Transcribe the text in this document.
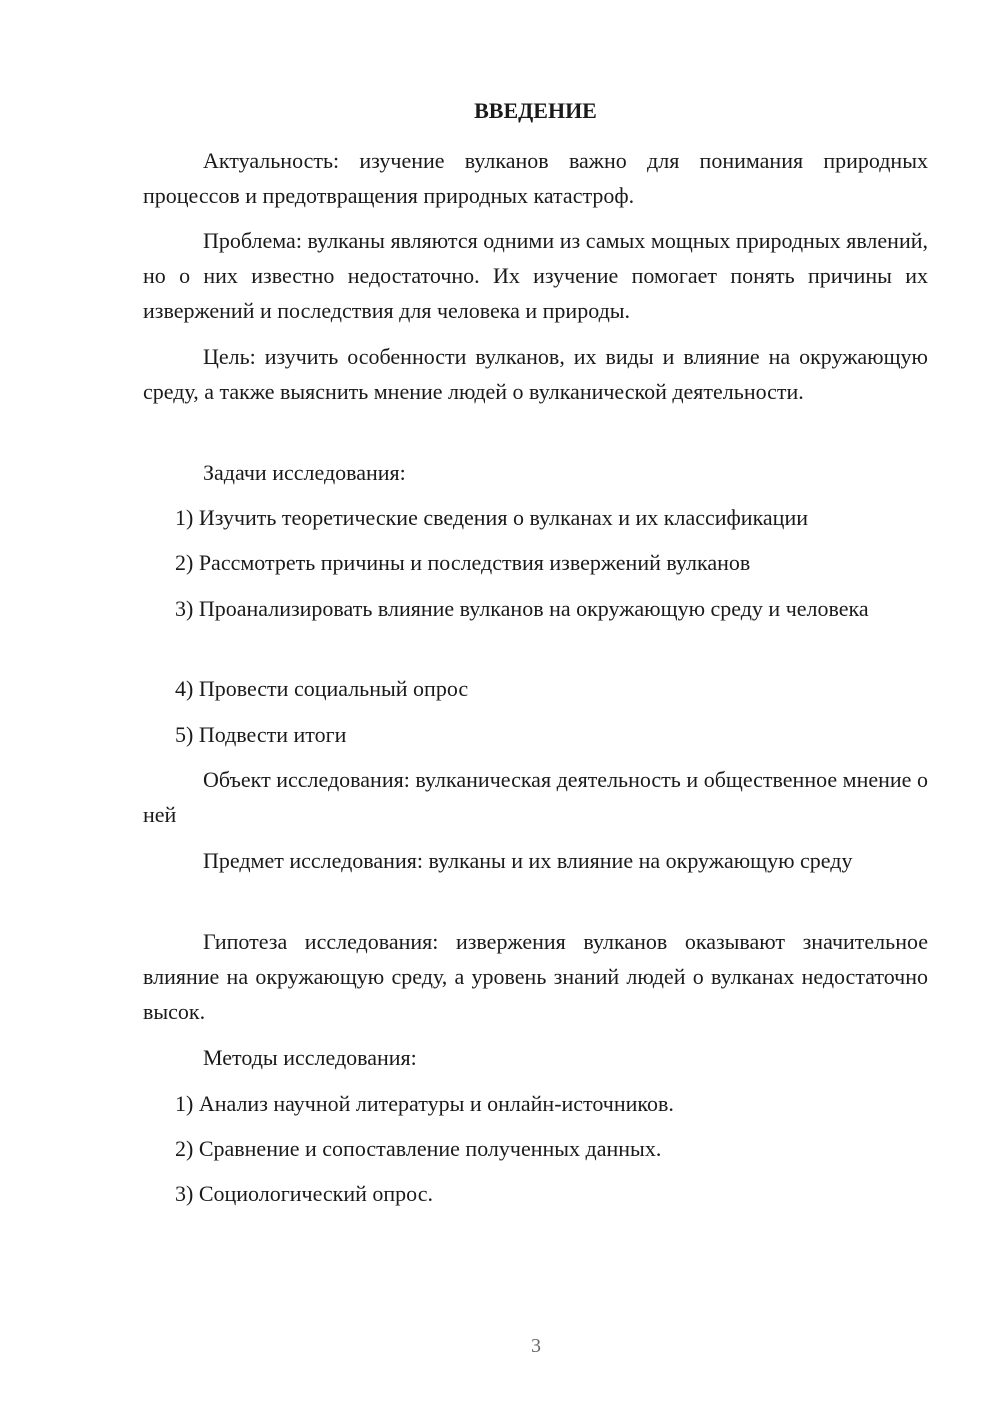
ВВЕДЕНИЕ

Актуальность: изучение вулканов важно для понимания природных процессов и предотвращения природных катастроф.

Проблема: вулканы являются одними из самых мощных природных явлений, но о них известно недостаточно. Их изучение помогает понять причины их извержений и последствия для человека и природы.

Цель: изучить особенности вулканов, их виды и влияние на окружающую среду, а также выяснить мнение людей о вулканической деятельности.

Задачи исследования:

1) Изучить теоретические сведения о вулканах и их классификации

2) Рассмотреть причины и последствия извержений вулканов

3) Проанализировать влияние вулканов на окружающую среду и человека

4) Провести социальный опрос

5) Подвести итоги

Объект исследования: вулканическая деятельность и общественное мнение о ней

Предмет исследования: вулканы и их влияние на окружающую среду

Гипотеза исследования: извержения вулканов оказывают значительное влияние на окружающую среду, а уровень знаний людей о вулканах недостаточно высок.

Методы исследования:

1) Анализ научной литературы и онлайн-источников.

2) Сравнение и сопоставление полученных данных.

3) Социологический опрос.

3
